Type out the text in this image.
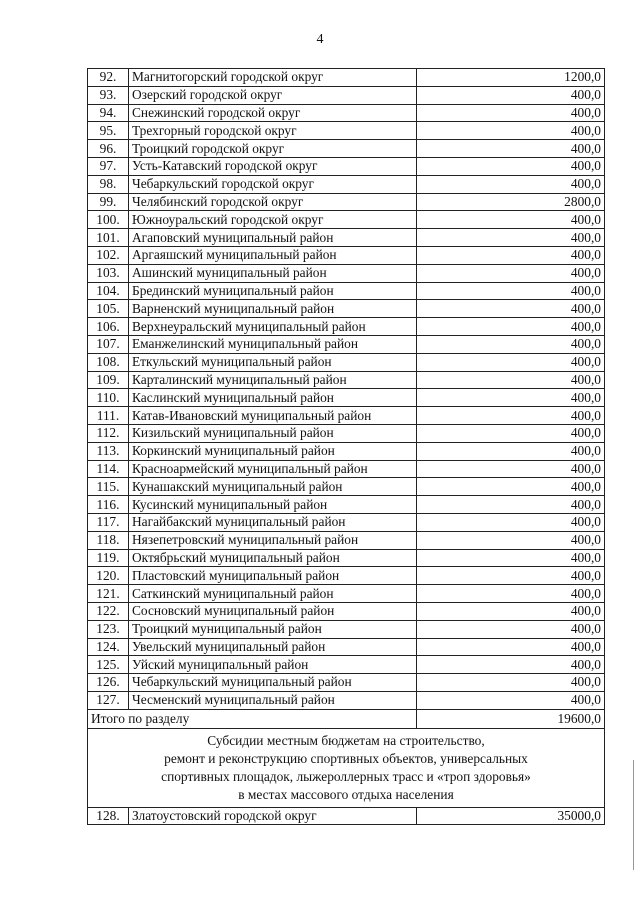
4
92.	Магнитогорский городской округ	1200,0
93.	Озерский городской округ	400,0
94.	Снежинский городской округ	400,0
95.	Трехгорный городской округ	400,0
96.	Троицкий городской округ	400,0
97.	Усть-Катавский городской округ	400,0
98.	Чебаркульский городской округ	400,0
99.	Челябинский городской округ	2800,0
100.	Южноуральский городской округ	400,0
101.	Агаповский муниципальный район	400,0
102.	Аргаяшский муниципальный район	400,0
103.	Ашинский муниципальный район	400,0
104.	Брединский муниципальный район	400,0
105.	Варненский муниципальный район	400,0
106.	Верхнеуральский муниципальный район	400,0
107.	Еманжелинский муниципальный район	400,0
108.	Еткульский муниципальный район	400,0
109.	Карталинский муниципальный район	400,0
110.	Каслинский муниципальный район	400,0
111.	Катав-Ивановский муниципальный район	400,0
112.	Кизильский муниципальный район	400,0
113.	Коркинский муниципальный район	400,0
114.	Красноармейский муниципальный район	400,0
115.	Кунашакский муниципальный район	400,0
116.	Кусинский муниципальный район	400,0
117.	Нагайбакский муниципальный район	400,0
118.	Нязепетровский муниципальный район	400,0
119.	Октябрьский муниципальный район	400,0
120.	Пластовский муниципальный район	400,0
121.	Саткинский муниципальный район	400,0
122.	Сосновский муниципальный район	400,0
123.	Троицкий муниципальный район	400,0
124.	Увельский муниципальный район	400,0
125.	Уйский муниципальный район	400,0
126.	Чебаркульский муниципальный район	400,0
127.	Чесменский муниципальный район	400,0
Итого по разделу		19600,0

Субсидии местным бюджетам на строительство,
ремонт и реконструкцию спортивных объектов, универсальных
спортивных площадок, лыжероллерных трасс и «троп здоровья»
в местах массового отдыха населения		

128.	Златоустовский городской округ	35000,0
